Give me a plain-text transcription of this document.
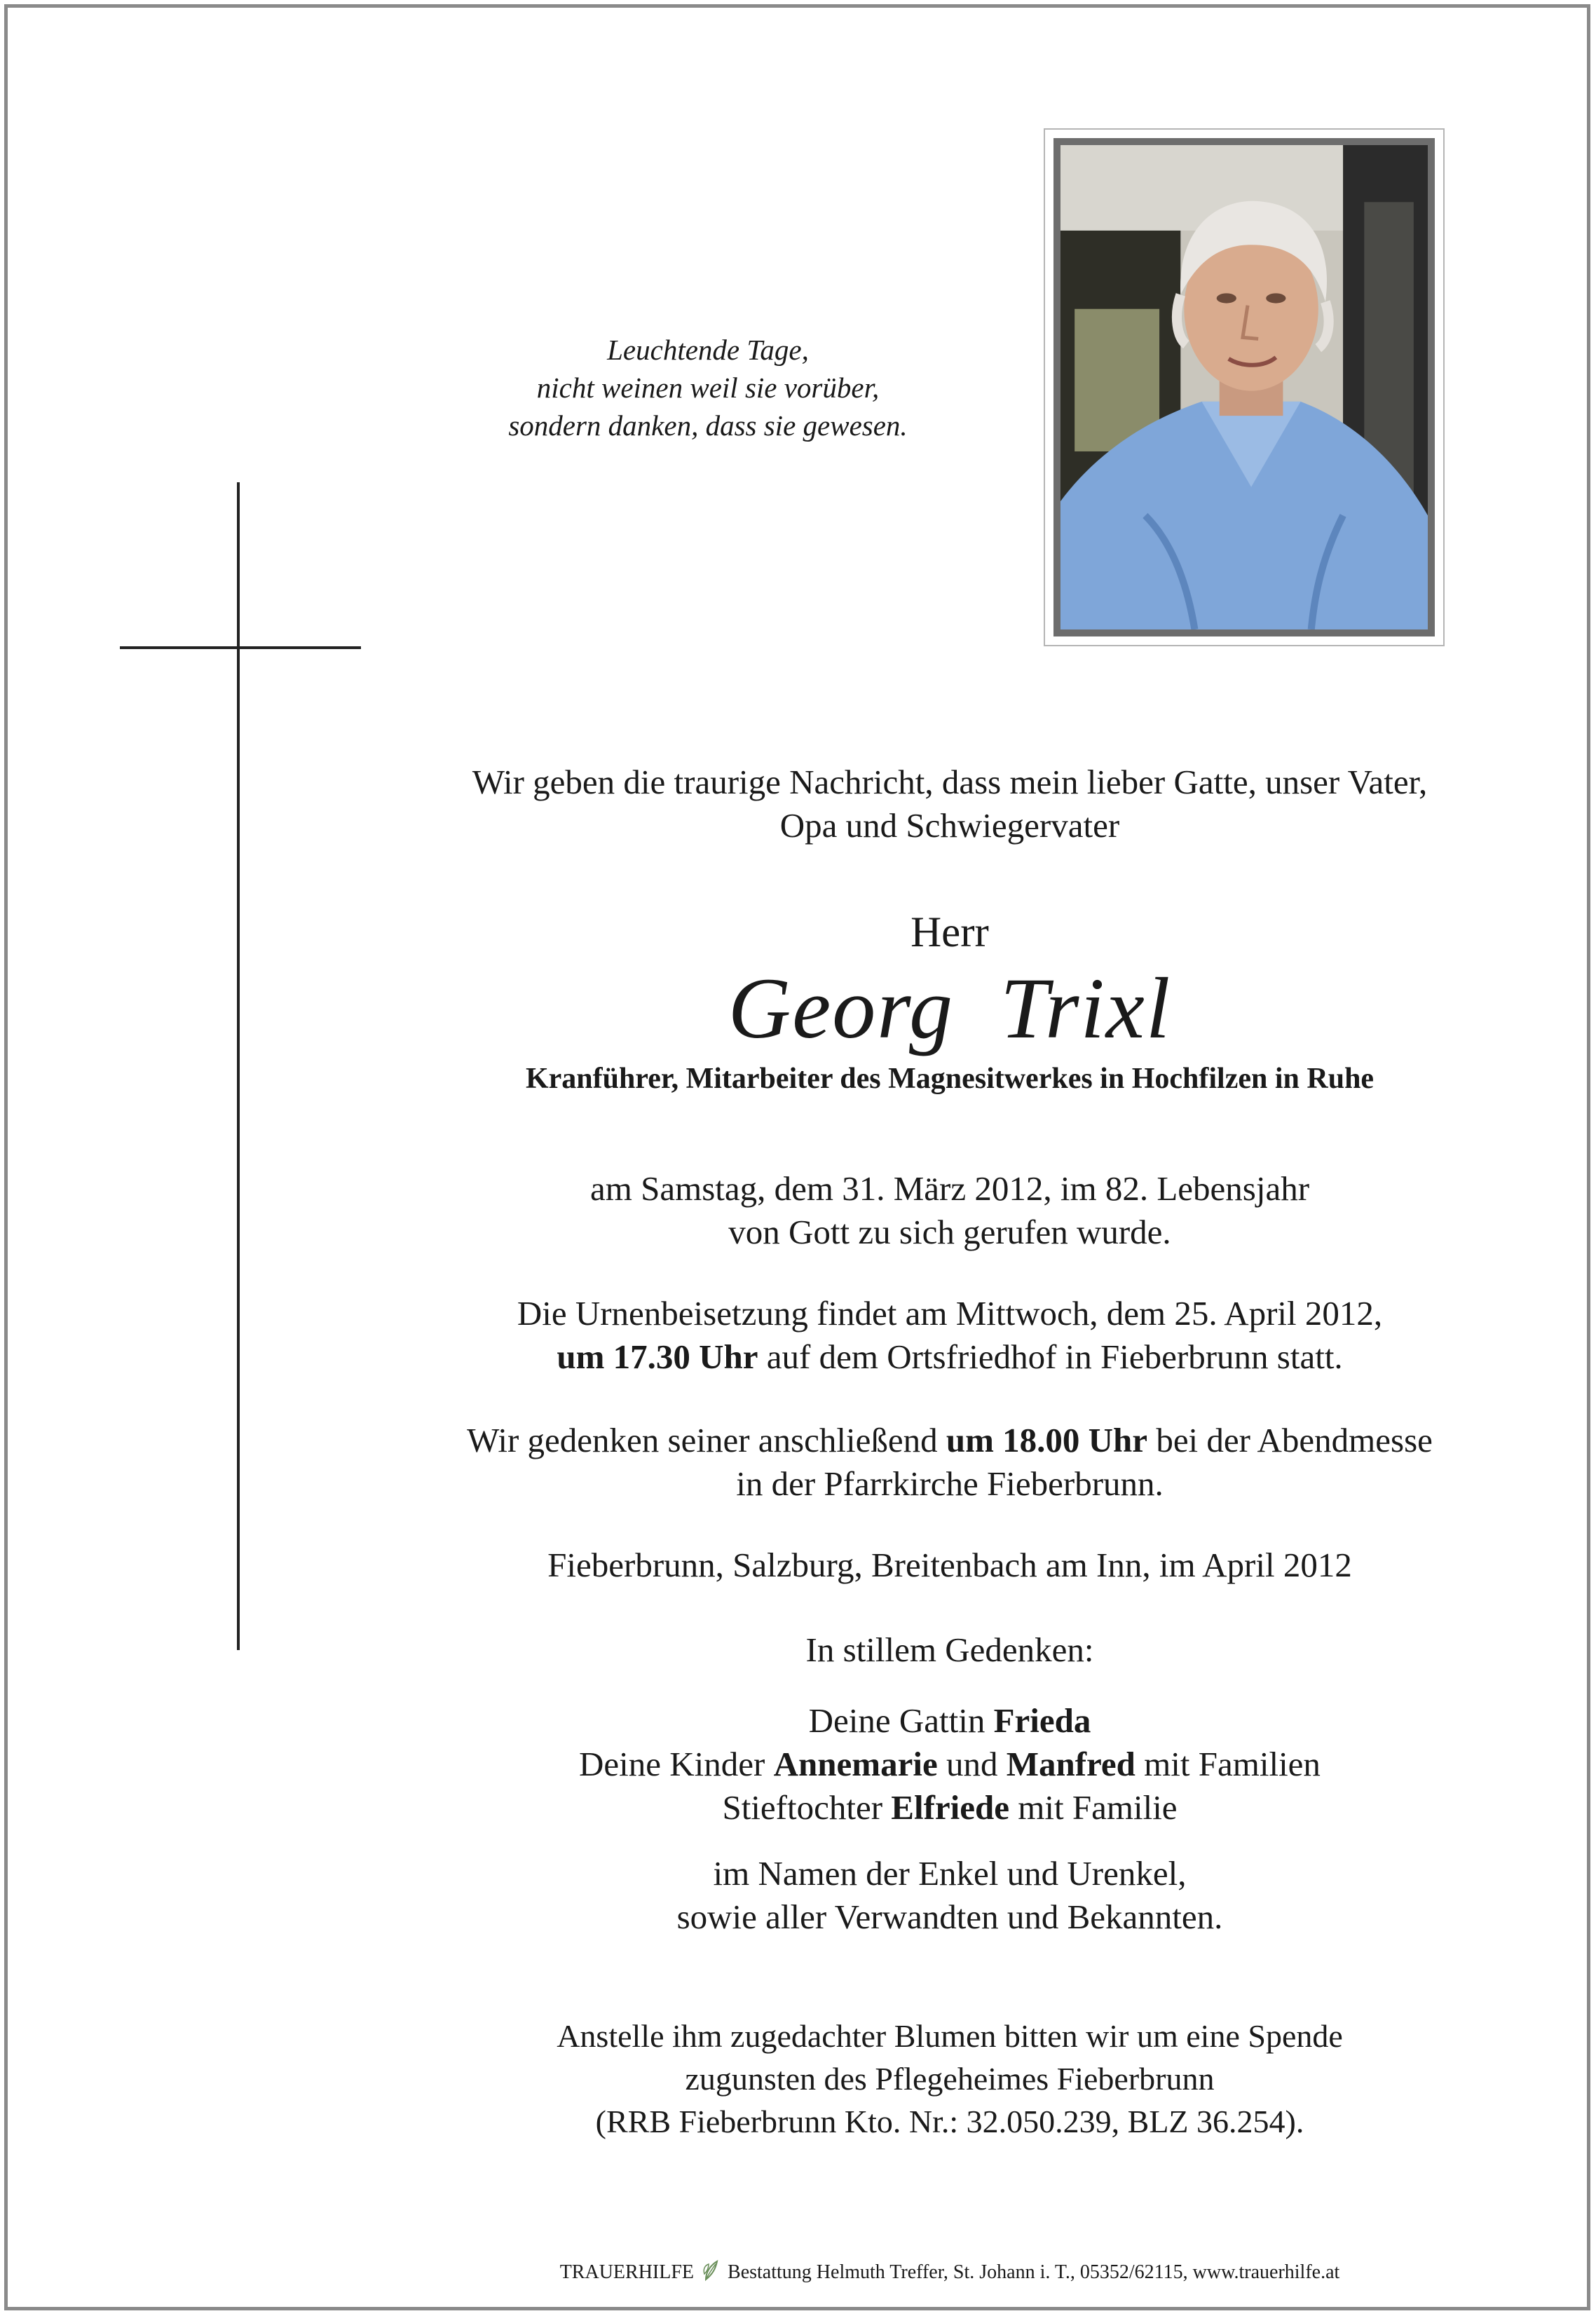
Leuchtende Tage,
nicht weinen weil sie vorüber,
sondern danken, dass sie gewesen.
Wir geben die traurige Nachricht, dass mein lieber Gatte, unser Vater,
Opa und Schwiegervater
Herr
Georg  Trixl
Kranführer, Mitarbeiter des Magnesitwerkes in Hochfilzen in Ruhe
am Samstag, dem 31. März 2012, im 82. Lebensjahr
von Gott zu sich gerufen wurde.
Die Urnenbeisetzung findet am Mittwoch, dem 25. April 2012,
um 17.30 Uhr auf dem Ortsfriedhof in Fieberbrunn statt.
Wir gedenken seiner anschließend um 18.00 Uhr bei der Abendmesse
in der Pfarrkirche Fieberbrunn.
Fieberbrunn, Salzburg, Breitenbach am Inn, im April 2012
In stillem Gedenken:
Deine Gattin Frieda
Deine Kinder Annemarie und Manfred mit Familien
Stieftochter Elfriede mit Familie
im Namen der Enkel und Urenkel,
sowie aller Verwandten und Bekannten.
Anstelle ihm zugedachter Blumen bitten wir um eine Spende
zugunsten des Pflegeheimes Fieberbrunn
(RRB Fieberbrunn Kto. Nr.: 32.050.239, BLZ 36.254).
TRAUERHILFE Bestattung Helmuth Treffer, St. Johann i. T., 05352/62115, www.trauerhilfe.at
